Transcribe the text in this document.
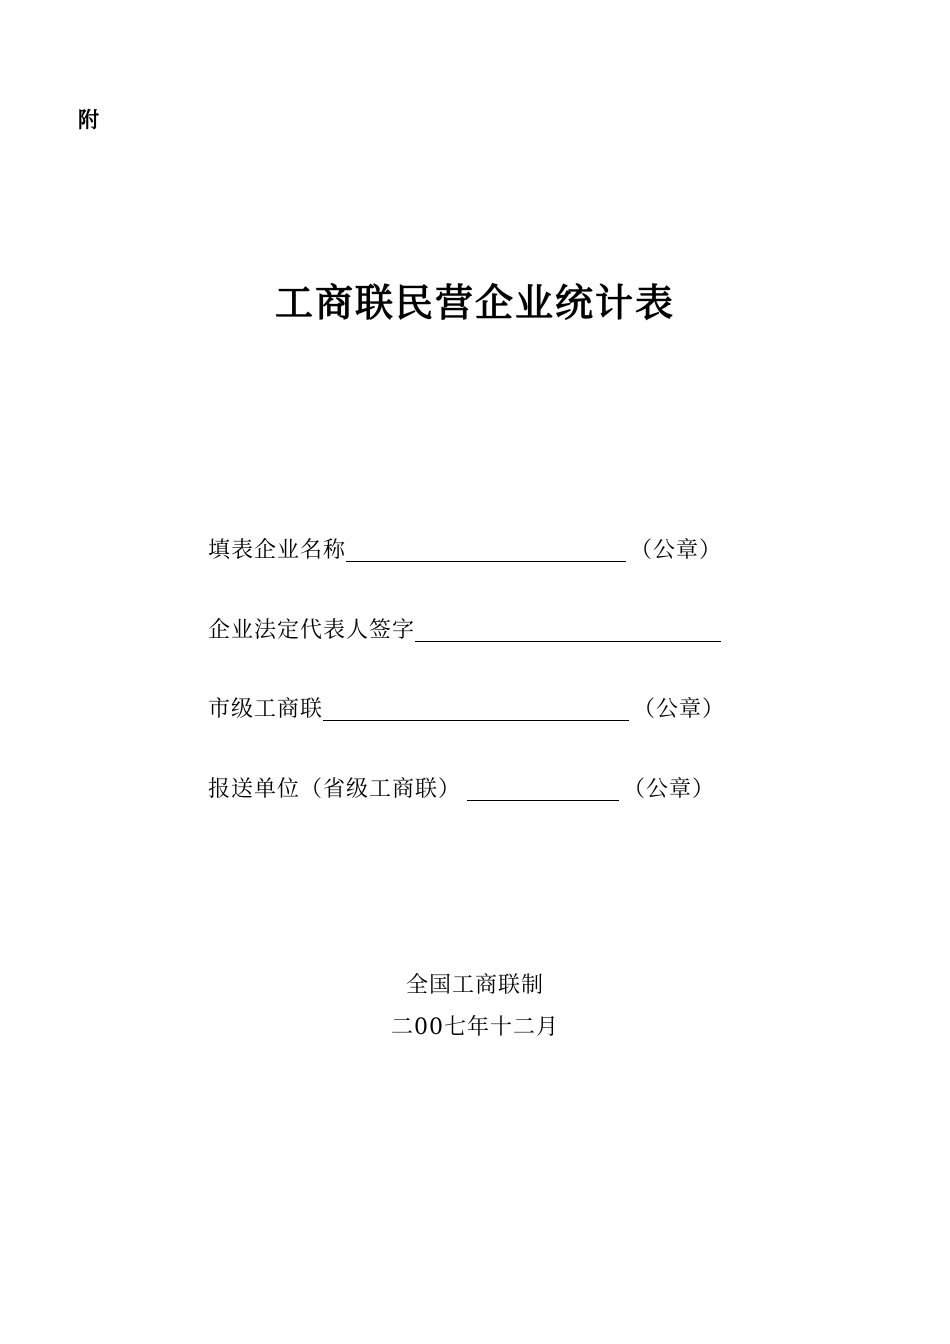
附
工商联民营企业统计表
填表企业名称	（公章）
企业法定代表人签字
市级工商联	（公章）
报送单位（省级工商联）	（公章）
全国工商联制
二00七年十二月
